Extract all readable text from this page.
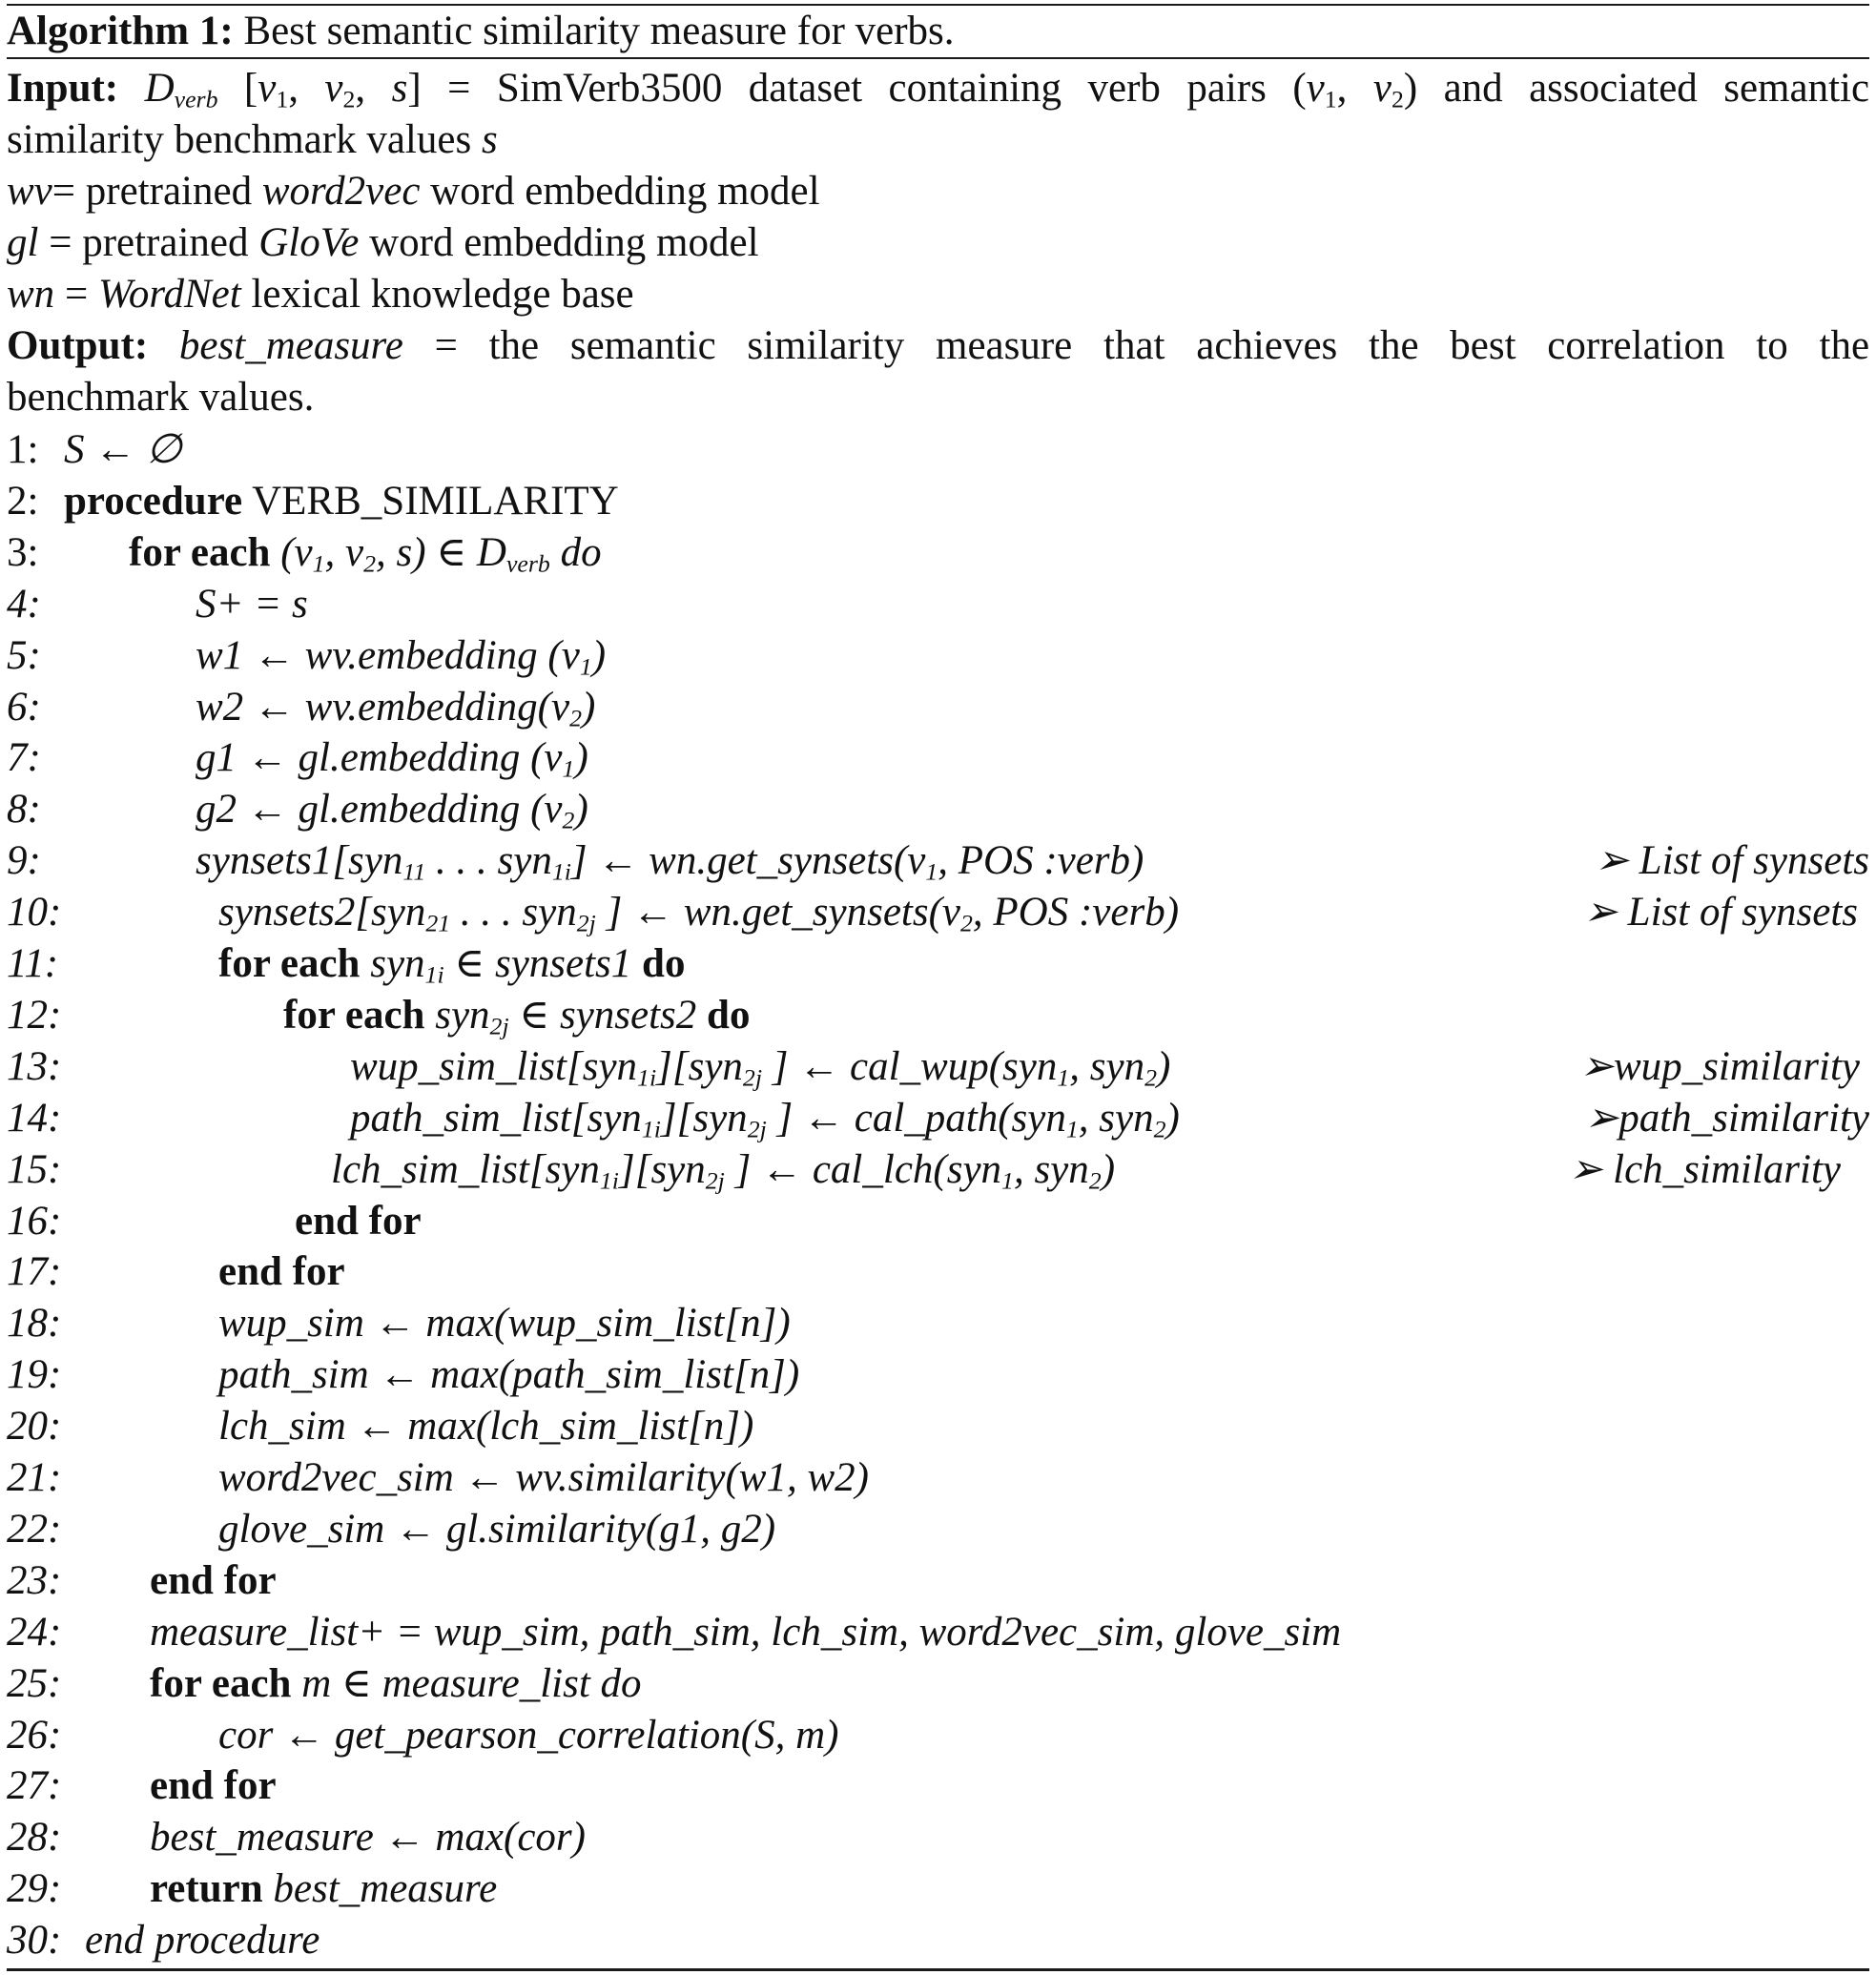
Algorithm 1: Best semantic similarity measure for verbs.
Input: $D_{verb}$ [$v_1$, $v_2$, s] = SimVerb3500 dataset containing verb pairs ($v_1$, $v_2$) and associated semantic
similarity benchmark values s
wv= pretrained word2vec word embedding model
gl = pretrained GloVe word embedding model
wn = WordNet lexical knowledge base
Output: best_measure = the semantic similarity measure that achieves the best correlation to the
benchmark values.
1: S ← ∅
2: procedure VERB_SIMILARITY
3: for each ($v_1$, $v_2$, s) ∈ $D_{verb}$ do
4:	S+ = s
5:	w1 ← wv.embedding $(v_1)$
6:	w2 ← $wv.embedding(v_2)$
7:	g1 ← gl.embedding $(v_1)$
8:	g2 ← gl.embedding $(v_2)$
9:	synsets1[syn$_{11}$ . . . syn$_{1i}$] ← $wn.get\_synsets(v_1$, POS :verb)	➢ List of synsets
10:	synsets2[syn$_{21}$ . . . syn$_{2j}$ ] ← $wn.get\_synsets(v_2$, POS :verb)	➢ List of synsets
11:	for each syn$_{1i}$ ∈ synsets1 do
12:	for each syn$_{2j}$ ∈ synsets2 do
13:	wup_sim_list[syn$_{1i}$][syn$_{2j}$ ] ← cal_wup(syn$_1$, syn$_2$)	➢wup_similarity
14:	path_sim_list[syn$_{1i}$][syn$_{2j}$ ] ← cal_path(syn$_1$, syn$_2$)	➢path_similarity
15:	lch_sim_list[syn$_{1i}$][syn$_{2j}$ ] ← cal_lch(syn$_1$, syn$_2$)	➢ lch_similarity
16:	end for
17:	end for
18:	wup_sim ← max(wup_sim_list[n])
19:	path_sim ← max(path_sim_list[n])
20:	lch_sim ← max(lch_sim_list[n])
21:	word2vec_sim ← wv.similarity(w1, w2)
22:	glove_sim ← gl.similarity(g1, g2)
23: end for
24: measure_list+ = wup_sim, path_sim, lch_sim, word2vec_sim, glove_sim
25: for each m ∈ measure_list do
26:	cor ← get_pearson_correlation(S, m)
27: end for
28: best_measure ← max(cor)
29: return best_measure
30: end procedure
